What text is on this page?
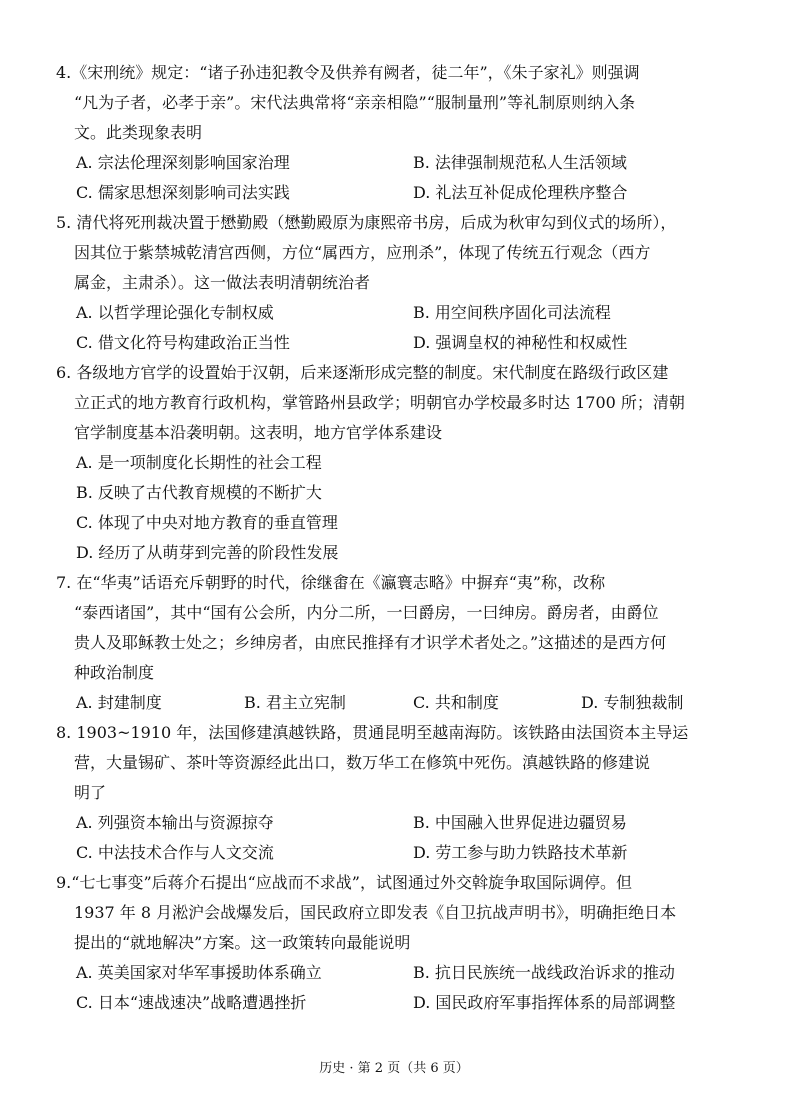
4.《宋刑统》规定：“诸子孙违犯教令及供养有阙者，徒二年”，《朱子家礼》则强调

“凡为子者，必孝于亲”。宋代法典常将“亲亲相隐”“服制量刑”等礼制原则纳入条

文。此类现象表明

A. 宗法伦理深刻影响国家治理	B. 法律强制规范私人生活领域
C. 儒家思想深刻影响司法实践	D. 礼法互补促成伦理秩序整合

5. 清代将死刑裁决置于懋勤殿（懋勤殿原为康熙帝书房，后成为秋审勾到仪式的场所），

因其位于紫禁城乾清宫西侧，方位“属西方，应刑杀”，体现了传统五行观念（西方

属金，主肃杀）。这一做法表明清朝统治者

A. 以哲学理论强化专制权威	B. 用空间秩序固化司法流程
C. 借文化符号构建政治正当性	D. 强调皇权的神秘性和权威性

6. 各级地方官学的设置始于汉朝，后来逐渐形成完整的制度。宋代制度在路级行政区建

立正式的地方教育行政机构，掌管路州县政学；明朝官办学校最多时达 1700 所；清朝

官学制度基本沿袭明朝。这表明，地方官学体系建设

A. 是一项制度化长期性的社会工程
B. 反映了古代教育规模的不断扩大
C. 体现了中央对地方教育的垂直管理
D. 经历了从萌芽到完善的阶段性发展

7. 在“华夷”话语充斥朝野的时代，徐继畬在《瀛寰志略》中摒弃“夷”称，改称

“泰西诸国”，其中“国有公会所，内分二所，一曰爵房，一曰绅房。爵房者，由爵位

贵人及耶稣教士处之；乡绅房者，由庶民推择有才识学术者处之。”这描述的是西方何

种政治制度

A. 封建制度	B. 君主立宪制	C. 共和制度	D. 专制独裁制

8. 1903~1910 年，法国修建滇越铁路，贯通昆明至越南海防。该铁路由法国资本主导运

营，大量锡矿、茶叶等资源经此出口，数万华工在修筑中死伤。滇越铁路的修建说

明了

A. 列强资本输出与资源掠夺	B. 中国融入世界促进边疆贸易
C. 中法技术合作与人文交流	D. 劳工参与助力铁路技术革新

9.“七七事变”后蒋介石提出“应战而不求战”，试图通过外交斡旋争取国际调停。但

1937 年 8 月淞沪会战爆发后，国民政府立即发表《自卫抗战声明书》，明确拒绝日本

提出的“就地解决”方案。这一政策转向最能说明

A. 英美国家对华军事援助体系确立	B. 抗日民族统一战线政治诉求的推动
C. 日本“速战速决”战略遭遇挫折	D. 国民政府军事指挥体系的局部调整
历史 · 第 2 页（共 6 页）
